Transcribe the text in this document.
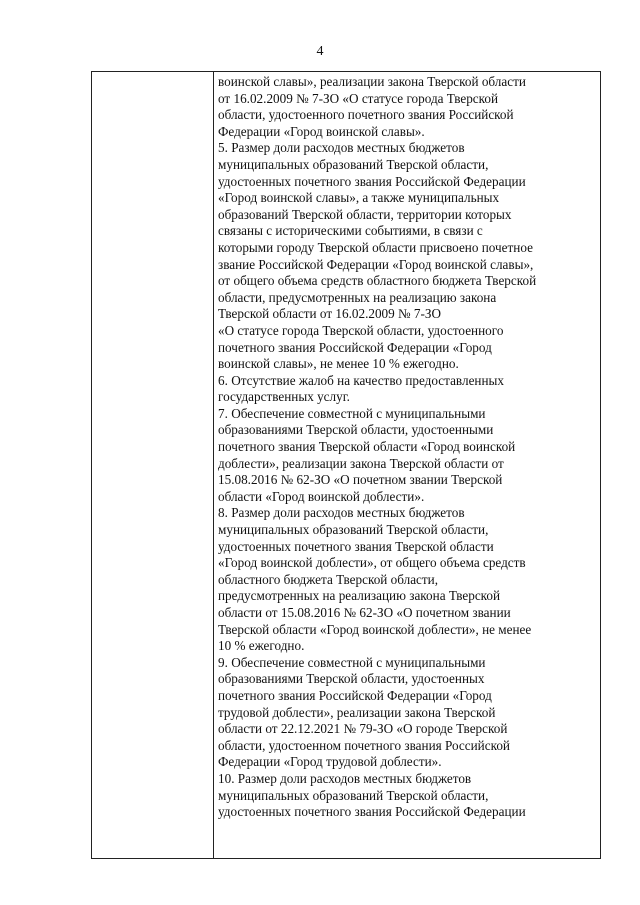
4
воинской славы», реализации закона Тверской области
от 16.02.2009 № 7-ЗО «О статусе города Тверской
области, удостоенного почетного звания Российской
Федерации «Город воинской славы».
5. Размер доли расходов местных бюджетов
муниципальных образований Тверской области,
удостоенных почетного звания Российской Федерации
«Город воинской славы», а также муниципальных
образований Тверской области, территории которых
связаны с историческими событиями, в связи с
которыми городу Тверской области присвоено почетное
звание Российской Федерации «Город воинской славы»,
от общего объема средств областного бюджета Тверской
области, предусмотренных на реализацию закона
Тверской области от 16.02.2009 № 7-ЗО
«О статусе города Тверской области, удостоенного
почетного звания Российской Федерации «Город
воинской славы», не менее 10 % ежегодно.
6. Отсутствие жалоб на качество предоставленных
государственных услуг.
7. Обеспечение совместной с муниципальными
образованиями Тверской области, удостоенными
почетного звания Тверской области «Город воинской
доблести», реализации закона Тверской области от
15.08.2016 № 62-ЗО «О почетном звании Тверской
области «Город воинской доблести».
8. Размер доли расходов местных бюджетов
муниципальных образований Тверской области,
удостоенных почетного звания Тверской области
«Город воинской доблести», от общего объема средств
областного бюджета Тверской области,
предусмотренных на реализацию закона Тверской
области от 15.08.2016 № 62-ЗО «О почетном звании
Тверской области «Город воинской доблести», не менее
10 % ежегодно.
9. Обеспечение совместной с муниципальными
образованиями Тверской области, удостоенных
почетного звания Российской Федерации «Город
трудовой доблести», реализации закона Тверской
области от 22.12.2021 № 79-ЗО «О городе Тверской
области, удостоенном почетного звания Российской
Федерации «Город трудовой доблести».
10. Размер доли расходов местных бюджетов
муниципальных образований Тверской области,
удостоенных почетного звания Российской Федерации
